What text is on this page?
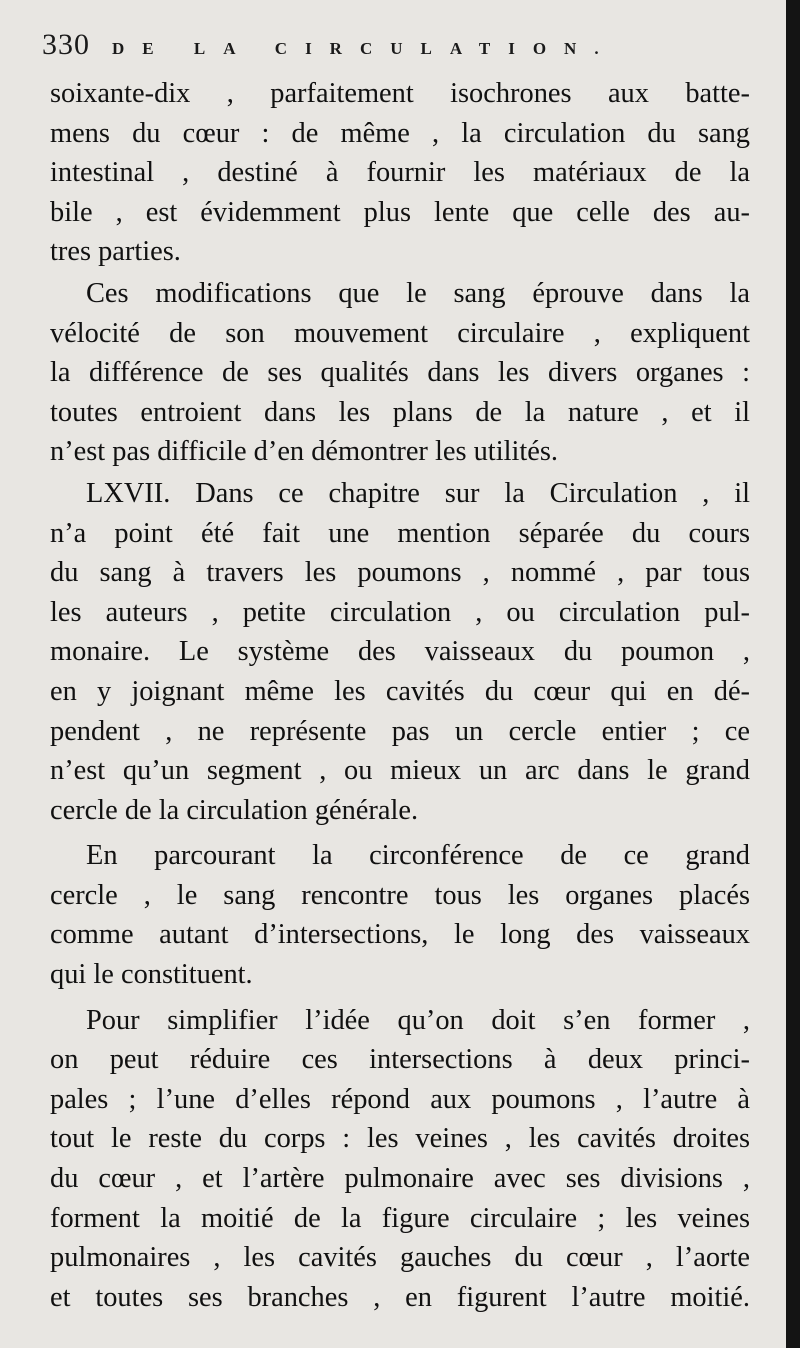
330 DE LA CIRCULATION.

soixante-dix , parfaitement isochrones aux batte-
mens du cœur : de même , la circulation du sang
intestinal , destiné à fournir les matériaux de la
bile , est évidemment plus lente que celle des au-
tres parties.

Ces modifications que le sang éprouve dans la
vélocité de son mouvement circulaire , expliquent
la différence de ses qualités dans les divers organes :
toutes entroient dans les plans de la nature , et il
n’est pas difficile d’en démontrer les utilités.

LXVII. Dans ce chapitre sur la Circulation , il
n’a point été fait une mention séparée du cours
du sang à travers les poumons , nommé , par tous
les auteurs , petite circulation , ou circulation pul-
monaire. Le système des vaisseaux du poumon ,
en y joignant même les cavités du cœur qui en dé-
pendent , ne représente pas un cercle entier ; ce
n’est qu’un segment , ou mieux un arc dans le grand
cercle de la circulation générale.

En parcourant la circonférence de ce grand
cercle , le sang rencontre tous les organes placés
comme autant d’intersections, le long des vaisseaux
qui le constituent.

Pour simplifier l’idée qu’on doit s’en former ,
on peut réduire ces intersections à deux princi-
pales ; l’une d’elles répond aux poumons , l’autre à
tout le reste du corps : les veines , les cavités droites
du cœur , et l’artère pulmonaire avec ses divisions ,
forment la moitié de la figure circulaire ; les veines
pulmonaires , les cavités gauches du cœur , l’aorte
et toutes ses branches , en figurent l’autre moitié.
